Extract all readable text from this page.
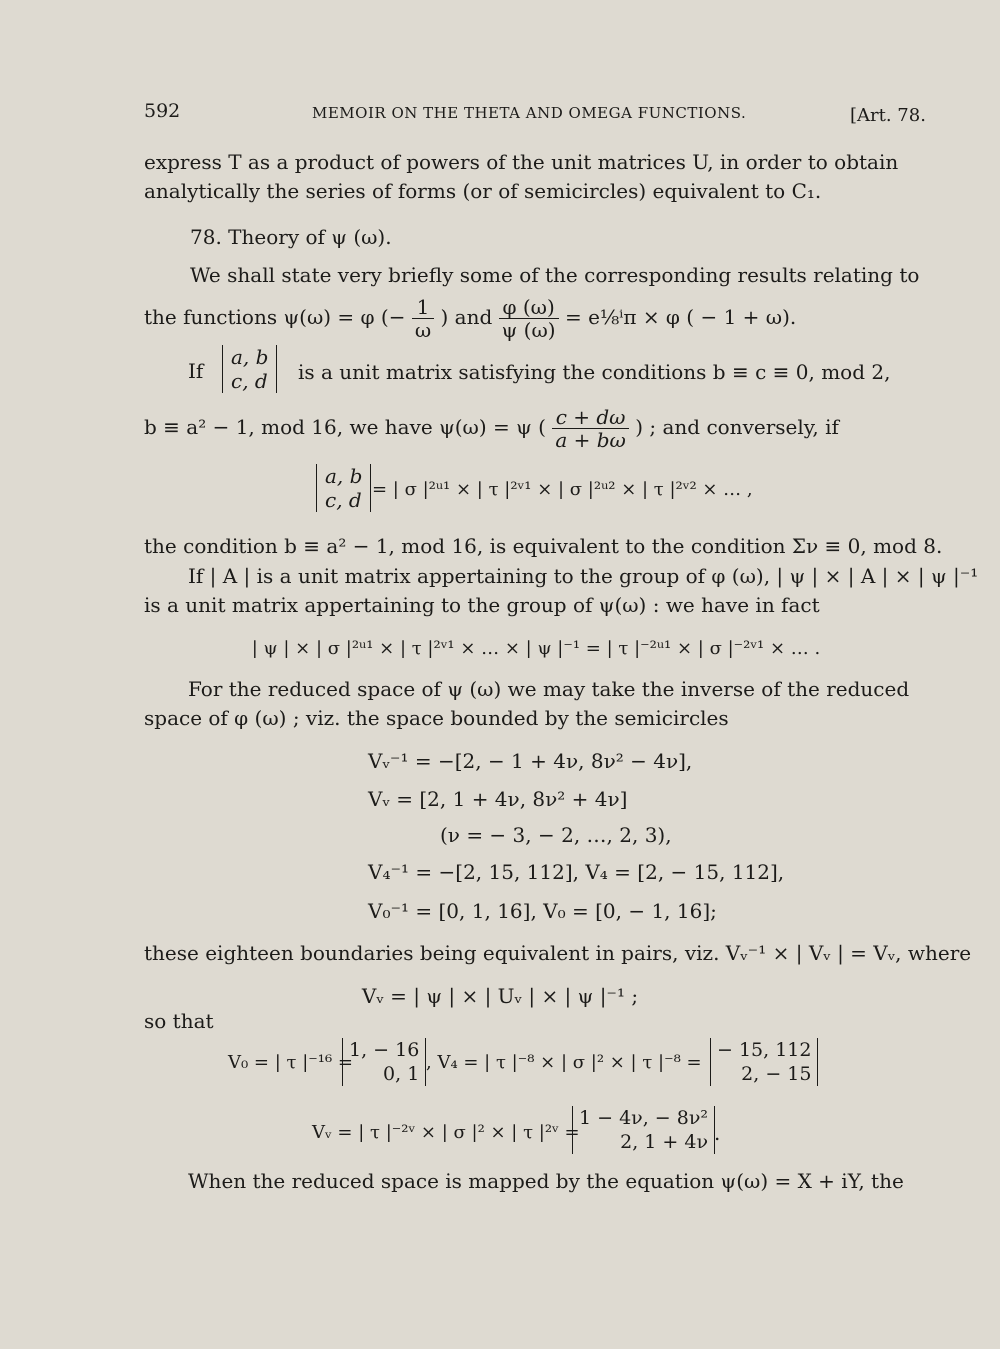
592	MEMOIR ON THE THETA AND OMEGA FUNCTIONS.	[Art. 78.
express T as a product of powers of the unit matrices U, in order to obtain
analytically the series of forms (or of semicircles) equivalent to C₁.
78. Theory of ψ (ω).
We shall state very briefly some of the corresponding results relating to
the functions ψ(ω) = φ (− $\frac{1}{\omega}$ ) and $\frac{\varphi (\omega)}{\psi (\omega)}$ = e⅛ⁱπ × φ ( − 1 + ω).
If
a, b
c, d is a unit matrix satisfying the conditions b ≡ c ≡ 0, mod 2,
b ≡ a² − 1, mod 16, we have ψ(ω) = ψ ( $\frac{c + d\omega}{a + b\omega}$ ) ; and conversely, if
a, b
c, d = | σ |²ᵘ¹ × | τ |²ᵛ¹ × | σ |²ᵘ² × | τ |²ᵛ² × … ,
the condition b ≡ a² − 1, mod 16, is equivalent to the condition Σν ≡ 0, mod 8.
If | A | is a unit matrix appertaining to the group of φ (ω), | ψ | × | A | × | ψ |⁻¹
is a unit matrix appertaining to the group of ψ(ω) : we have in fact
| ψ | × | σ |²ᵘ¹ × | τ |²ᵛ¹ × … × | ψ |⁻¹ = | τ |⁻²ᵘ¹ × | σ |⁻²ᵛ¹ × … .
For the reduced space of ψ (ω) we may take the inverse of the reduced
space of φ (ω) ; viz. the space bounded by the semicircles
Vᵥ⁻¹ = −[2, − 1 + 4ν, 8ν² − 4ν],
Vᵥ = [2, 1 + 4ν, 8ν² + 4ν]
(ν = − 3, − 2, …, 2, 3),
V₄⁻¹ = −[2, 15, 112], V₄ = [2, − 15, 112],
V₀⁻¹ = [0, 1, 16], V₀ = [0, − 1, 16];
these eighteen boundaries being equivalent in pairs, viz. Vᵥ⁻¹ × | Vᵥ | = Vᵥ, where
Vᵥ = | ψ | × | Uᵥ | × | ψ |⁻¹ ;
so that
V₀ = | τ |⁻¹⁶ =
1, − 16
0, 1
, V₄ = | τ |⁻⁸ × | σ |² × | τ |⁻⁸ =
− 15, 112
2, − 15
Vᵥ = | τ |⁻²ᵛ × | σ |² × | τ |²ᵛ =
1 − 4ν, − 8ν²
2, 1 + 4ν .
When the reduced space is mapped by the equation ψ(ω) = X + iY, the
